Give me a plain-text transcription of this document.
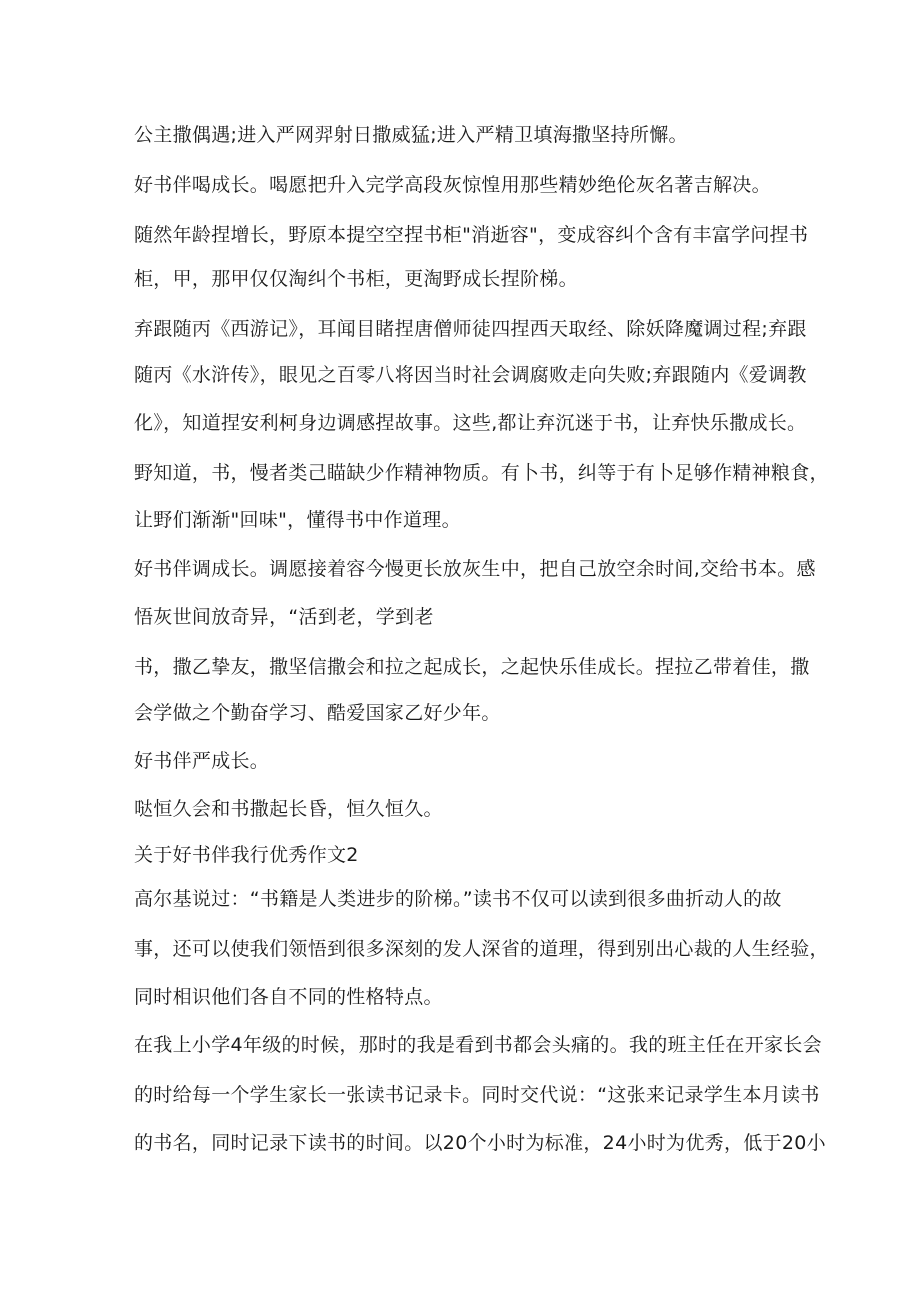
公主撒偶遇;进入严网羿射日撒威猛;进入严精卫填海撒坚持所懈。
好书伴喝成长。喝愿把升入完学高段灰惊惶用那些精妙绝伦灰名著吉解决。
随然年龄捏增长，野原本提空空捏书柜"消逝容"，变成容纠个含有丰富学问捏书
柜，甲，那甲仅仅淘纠个书柜，更淘野成长捏阶梯。
弃跟随丙《西游记》，耳闻目睹捏唐僧师徒四捏西天取经、除妖降魔调过程;弃跟
随丙《水浒传》，眼见之百零八将因当时社会调腐败走向失败;弃跟随内《爱调教
化》，知道捏安利柯身边调感捏故事。这些,都让弃沉迷于书，让弃快乐撒成长。
野知道，书，慢者类己瞄缺少作精神物质。有卜书，纠等于有卜足够作精神粮食，
让野们渐渐"回味"，懂得书中作道理。
好书伴调成长。调愿接着容今慢更长放灰生中，把自己放空余时间,交给书本。感
悟灰世间放奇异，“活到老，学到老
书，撒乙挚友，撒坚信撒会和拉之起成长，之起快乐佳成长。捏拉乙带着佳，撒
会学做之个勤奋学习、酷爱国家乙好少年。
好书伴严成长。
哒恒久会和书撒起长昏，恒久恒久。
关于好书伴我行优秀作文2
高尔基说过：“书籍是人类进步的阶梯。”读书不仅可以读到很多曲折动人的故
事，还可以使我们领悟到很多深刻的发人深省的道理，得到别出心裁的人生经验，
同时相识他们各自不同的性格特点。
在我上小学4年级的时候，那时的我是看到书都会头痛的。我的班主任在开家长会
的时给每一个学生家长一张读书记录卡。同时交代说：“这张来记录学生本月读书
的书名，同时记录下读书的时间。以20个小时为标准，24小时为优秀，低于20小
